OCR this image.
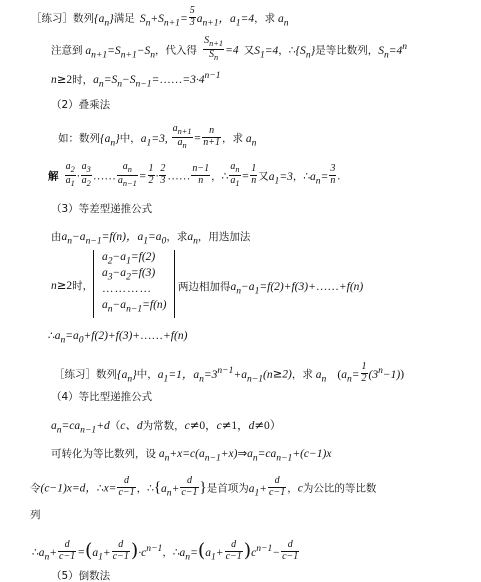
［练习］数列$\{a_n\}$满足 $S_n+S_{n+1}= \frac{5}{3} a_{n+1}$，$a_1=4$，求 $a_n$
注意到 $a_{n+1}=S_{n+1}-S_n$，代入得 $\frac{S_{n+1}}{S_n} =4$ 又$S_1=4$，$\therefore\{S_n\}$是等比数列，$S_n=4^n$
n≥2时，$a_n=S_n-S_{n-1}=\dots\dots=3\cdot 4^{n-1}$
（2）叠乘法
如：数列$\{a_n\}$中，$a_1=3$, $\frac{a_{n+1}}{a_n} = \frac{n}{n+1}$ ，求 $a_n$
解 $\frac{a_2}{a_1} \cdot \frac{a_3}{a_2}$ …… $\frac{a_n}{a_{n-1}} = \frac{1}{2} \cdot \frac{2}{3}$ …… $\frac{n-1}{n}$ ，∴ $\frac{a_n}{a_1} = \frac{1}{n}$ 又$a_1=3$，$\therefore a_n= \frac{3}{n}$ .
（3）等差型递推公式
由$a_n-a_{n-1}=f(n)$，$a_1=a_0$，求$a_n$，用迭加法
n≥2时，
$a_2-a_1=f(2)$
$a_3-a_2=f(3)$
…………
$a_n-a_{n-1}=f(n)$
两边相加得$a_n-a_1=f(2)+f(3)+\dots\dots+f(n)$
$\therefore a_n=a_0+f(2)+f(3)+\dots\dots+f(n)$
［练习］数列$\{a_n\}$中，$a_1=1$，$a_n=3^{n-1}+a_{n-1}(n\ge 2)$，求 $a_n$ $(a_n= \frac{1}{2} (3^n-1))$
（4）等比型递推公式
$a_n=ca_{n-1}+d(c$、d为常数，c≠0，c≠1，d≠0）
可转化为等比数列，设 $a_n+x=c(a_{n-1}+x)\Rightarrow a_n=ca_{n-1}+(c-1)x$
令(c−1)x=d，∴x= $\frac{d}{c-1}$ ，$\therefore\{a_n+ \frac{d}{c-1}$ }是首项为$a_1+ \frac{d}{c-1}$ ，c为公比的等比数
列
$\therefore a_n+ \frac{d}{c-1} =(a_1+ \frac{d}{c-1} )\cdot c^{n-1}$，$\therefore a_n=(a_1+ \frac{d}{c-1} )c^{n-1}- \frac{d}{c-1}$
（5）倒数法
